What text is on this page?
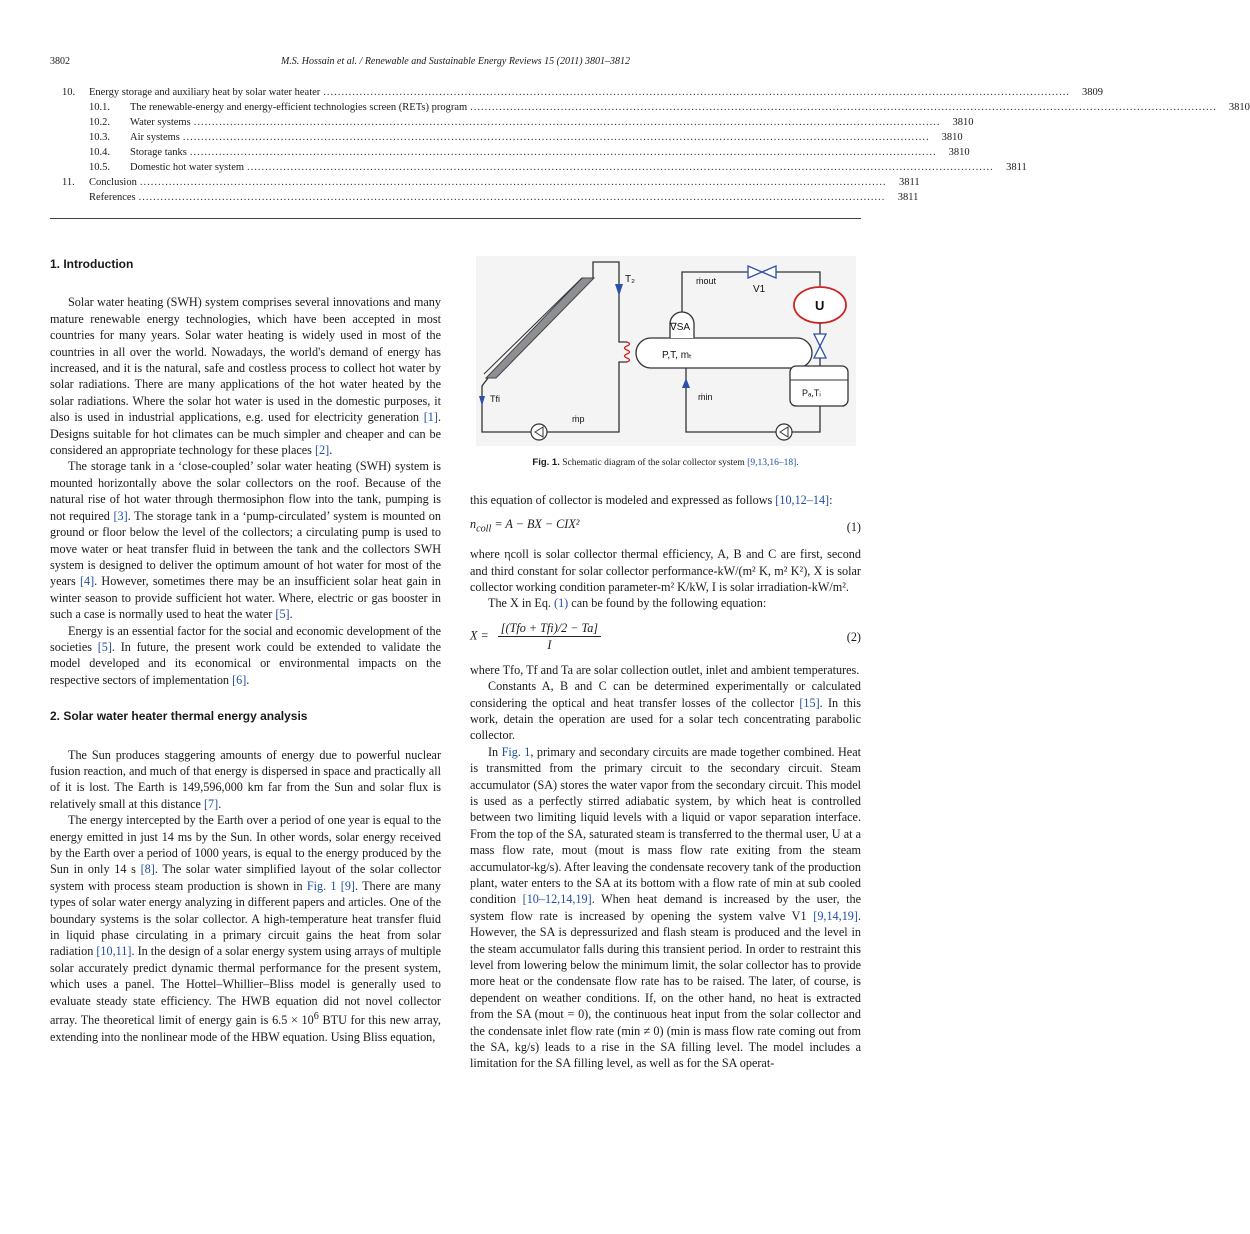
3802	M.S. Hossain et al. / Renewable and Sustainable Energy Reviews 15 (2011) 3801–3812
10.	Energy storage and auxiliary heat by solar water heater ..............................................................................................................................................................................................................	3809
10.1.	The renewable-energy and energy-efficient technologies screen (RETs) program ..............................................................................................................................................................................................................	3810
10.2.	Water systems ..............................................................................................................................................................................................................	3810
10.3.	Air systems ..............................................................................................................................................................................................................	3810
10.4.	Storage tanks ..............................................................................................................................................................................................................	3810
10.5.	Domestic hot water system ..............................................................................................................................................................................................................	3811
11.	Conclusion ..............................................................................................................................................................................................................	3811
References ..............................................................................................................................................................................................................	3811
1. Introduction

Solar water heating (SWH) system comprises several innovations and many mature renewable energy technologies, which have been accepted in most countries for many years. Solar water heating is widely used in most of the countries in all over the world. Nowadays, the world's demand of energy has increased, and it is the natural, safe and costless process to collect hot water by solar radiations. There are many applications of the hot water heated by the solar radiations. Where the solar hot water is used in the domestic purposes, it also is used in industrial applications, e.g. used for electricity generation [1]. Designs suitable for hot climates can be much simpler and cheaper and can be considered an appropriate technology for these places [2].

The storage tank in a ‘close-coupled’ solar water heating (SWH) system is mounted horizontally above the solar collectors on the roof. Because of the natural rise of hot water through thermosiphon flow into the tank, pumping is not required [3]. The storage tank in a ‘pump-circulated’ system is mounted on ground or floor below the level of the collectors; a circulating pump is used to move water or heat transfer fluid in between the tank and the collectors SWH system is designed to deliver the optimum amount of hot water for most of the years [4]. However, sometimes there may be an insufficient solar heat gain in winter season to provide sufficient hot water. Where, electric or gas booster in such a case is normally used to heat the water [5].

Energy is an essential factor for the social and economic development of the societies [5]. In future, the present work could be extended to validate the model developed and its economical or environmental impacts on the respective sectors of implementation [6].

2. Solar water heater thermal energy analysis

The Sun produces staggering amounts of energy due to powerful nuclear fusion reaction, and much of that energy is dispersed in space and practically all of it is lost. The Earth is 149,596,000 km far from the Sun and solar flux is relatively small at this distance [7].

The energy intercepted by the Earth over a period of one year is equal to the energy emitted in just 14 ms by the Sun. In other words, solar energy received by the Earth over a period of 1000 years, is equal to the energy produced by the Sun in only 14 s [8]. The solar water simplified layout of the solar collector system with process steam production is shown in Fig. 1 [9]. There are many types of solar water energy analyzing in different papers and articles. One of the boundary systems is the solar collector. A high-temperature heat transfer fluid in liquid phase circulating in a primary circuit gains the heat from solar radiation [10,11]. In the design of a solar energy system using arrays of multiple solar accurately predict dynamic thermal performance for the present system, which uses a panel. The Hottel–Whillier–Bliss model is generally used to evaluate steady state efficiency. The HWB equation did not novel collector array. The theoretical limit of energy gain is $6.5 \times 10^6$ BTU for this new array, extending into the nonlinear mode of the HBW equation. Using Bliss equation,

T₂	ṁout
V1
U
∇SA
P,T, mₜ
Tfi	ṁin	Pₐ,Tᵢ
ṁp
Fig. 1. Schematic diagram of the solar collector system [9,13,16–18].

this equation of collector is modeled and expressed as follows [10,12–14]:

$n_{coll} = A$ − BX − CIX²	(1)

where ηcoll is solar collector thermal efficiency, A, B and C are first, second and third constant for solar collector performance-kW/(m² K, m² K²), X is solar collector working condition parameter-m² K/kW, I is solar irradiation-kW/m².

The X in Eq. (1) can be found by the following equation:

$X = \frac{\text{[(Tfo + Tfi)/2 − Ta]}}{I}$	(2)

where Tfo, Tf and Ta are solar collection outlet, inlet and ambient temperatures.

Constants A, B and C can be determined experimentally or calculated considering the optical and heat transfer losses of the collector [15]. In this work, detain the operation are used for a solar tech concentrating parabolic collector.

In Fig. 1, primary and secondary circuits are made together combined. Heat is transmitted from the primary circuit to the secondary circuit. Steam accumulator (SA) stores the water vapor from the secondary circuit. This model is used as a perfectly stirred adiabatic system, by which heat is controlled between two limiting liquid levels with a liquid or vapor separation interface. From the top of the SA, saturated steam is transferred to the thermal user, U at a mass flow rate, mout (mout is mass flow rate exiting from the steam accumulator-kg/s). After leaving the condensate recovery tank of the production plant, water enters to the SA at its bottom with a flow rate of min at sub cooled condition [10–12,14,19]. When heat demand is increased by the user, the system flow rate is increased by opening the system valve V1 [9,14,19]. However, the SA is depressurized and flash steam is produced and the level in the steam accumulator falls during this transient period. In order to restraint this level from lowering below the minimum limit, the solar collector has to provide more heat or the condensate flow rate has to be raised. The later, of course, is dependent on weather conditions. If, on the other hand, no heat is extracted from the SA (mout = 0), the continuous heat input from the solar collector and the condensate inlet flow rate (min ≠ 0) (min is mass flow rate coming out from the SA, kg/s) leads to a rise in the SA filling level. The model includes a limitation for the SA filling level, as well as for the SA operat-
